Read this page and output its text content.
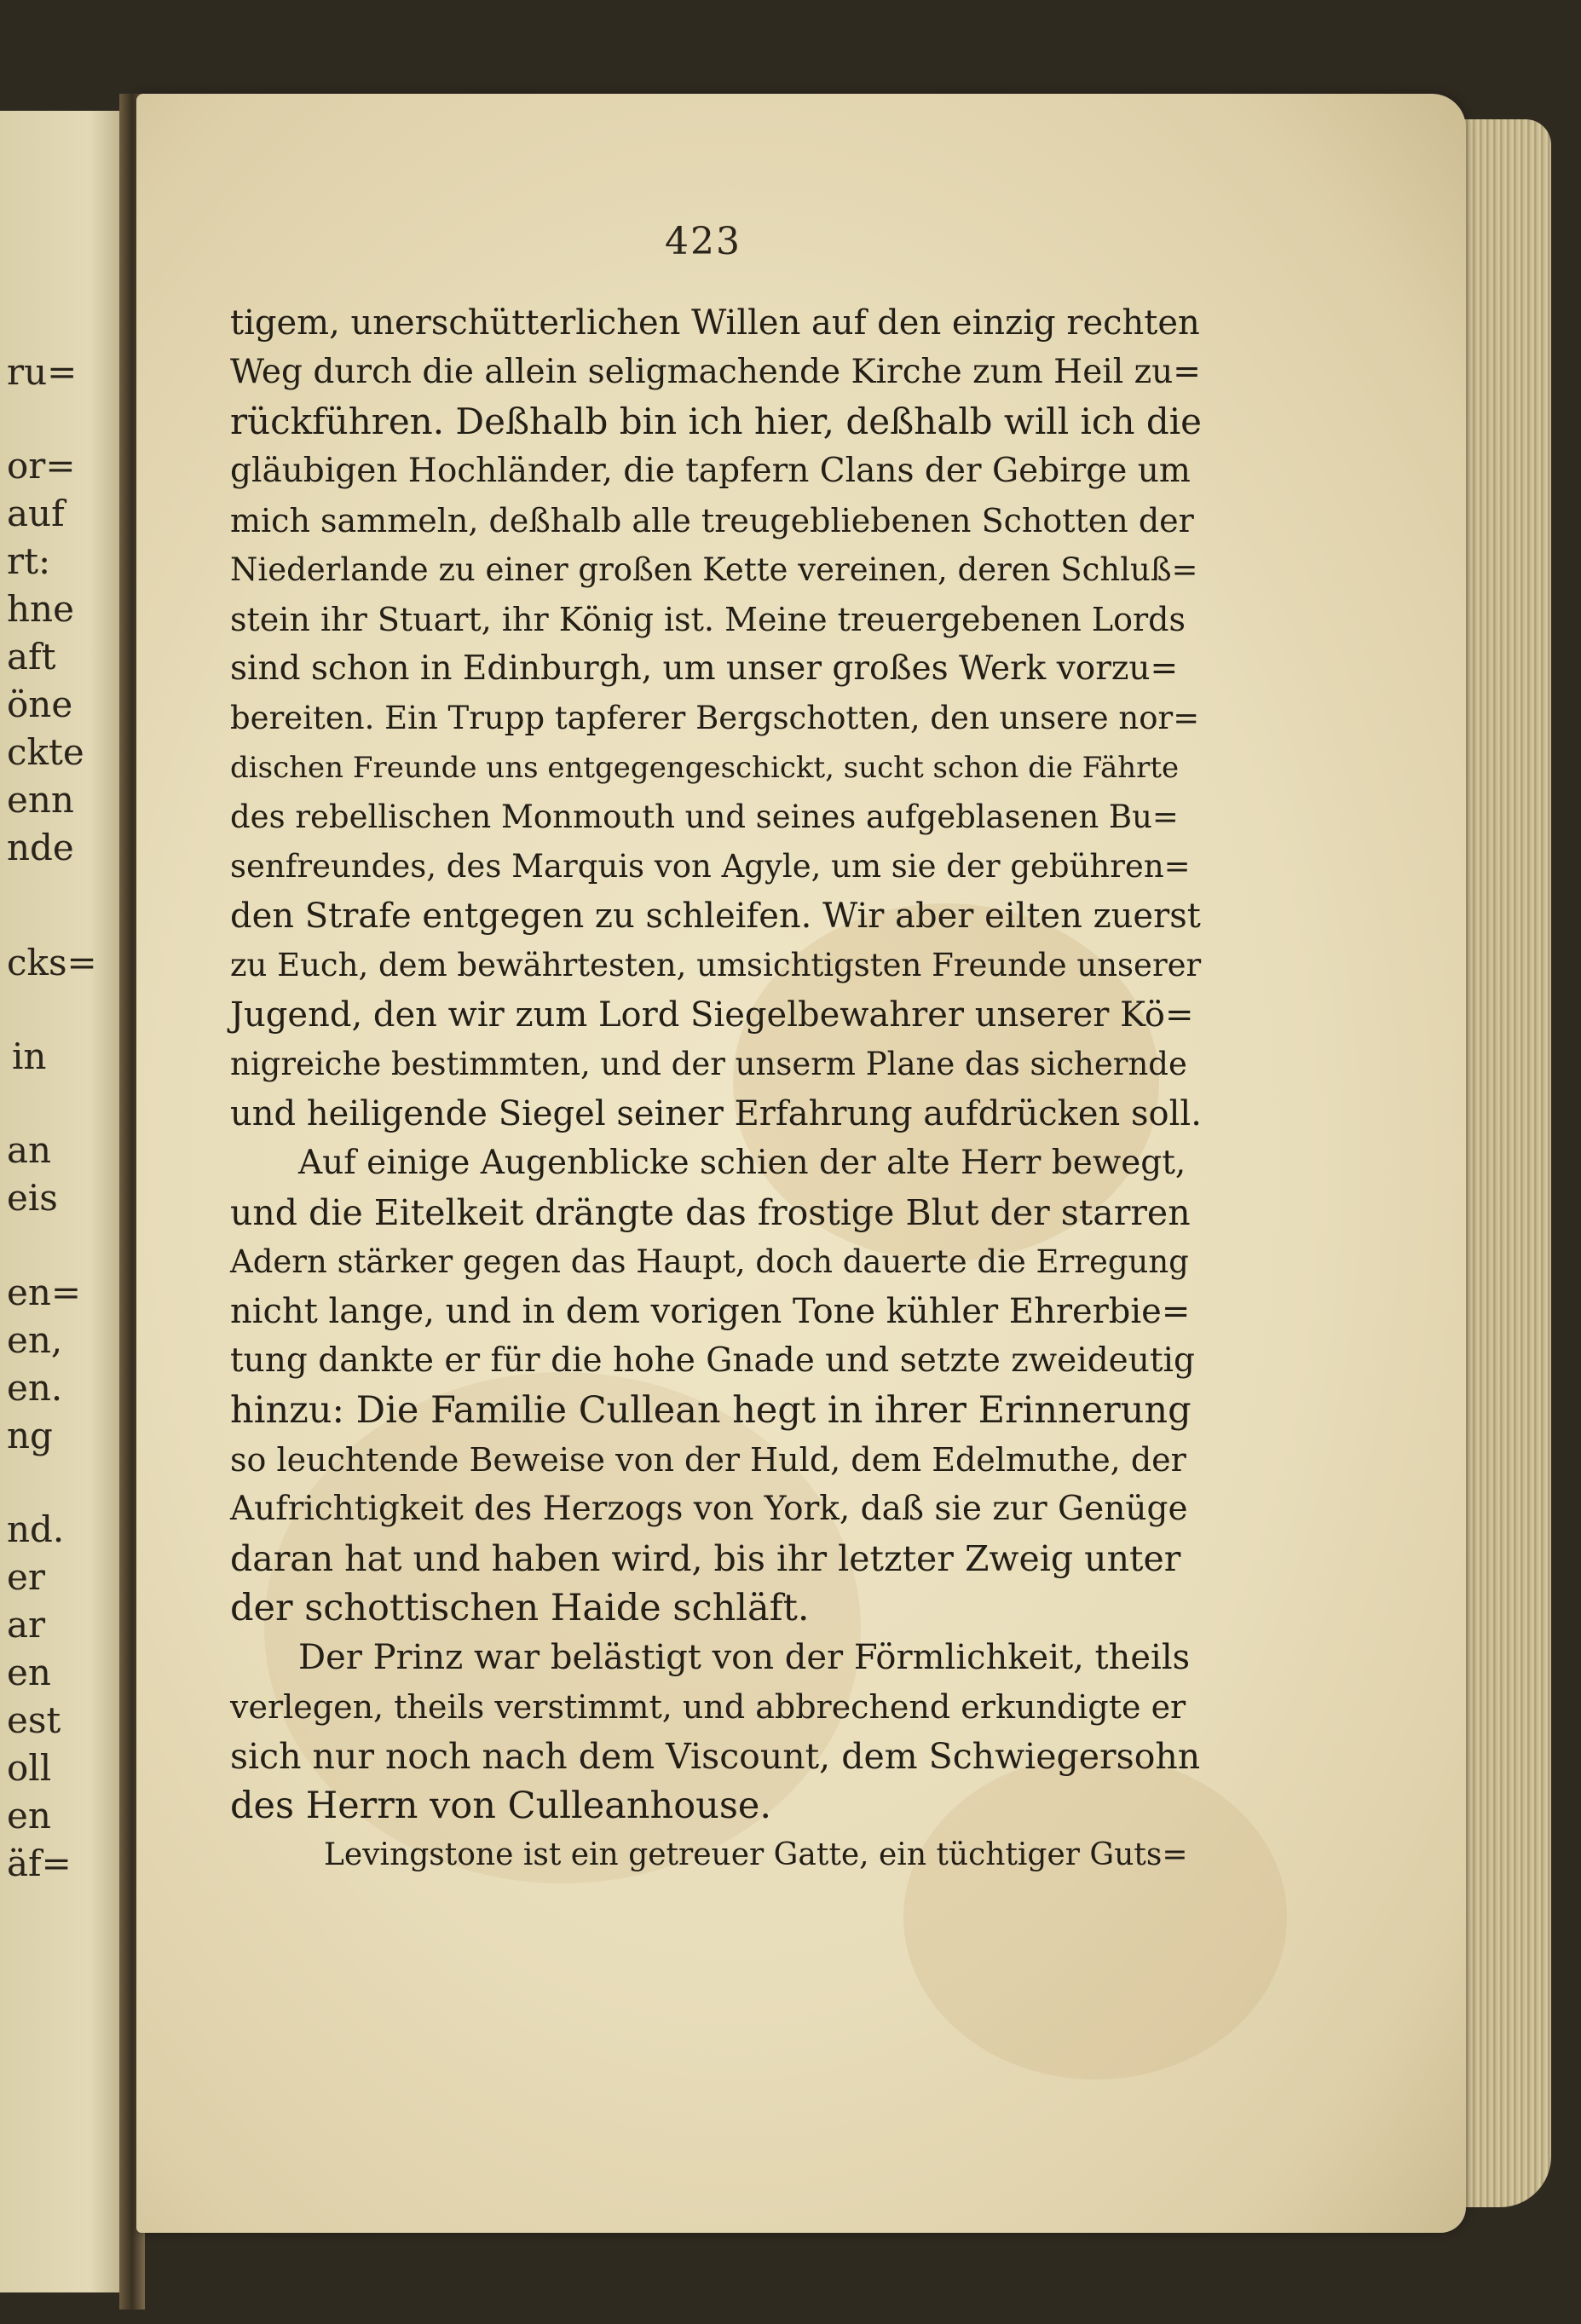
ru=
or=
auf
rt:
hne
aft
öne
ckte
enn
nde
cks=
in
an
eis
en=
en,
en.
ng
nd.
er
ar
en
est
oll
en
äf=
423
tigem, unerschütterlichen Willen auf den einzig rechten
Weg durch die allein seligmachende Kirche zum Heil zu=
rückführen. Deßhalb bin ich hier, deßhalb will ich die
gläubigen Hochländer, die tapfern Clans der Gebirge um
mich sammeln, deßhalb alle treugebliebenen Schotten der
Niederlande zu einer großen Kette vereinen, deren Schluß=
stein ihr Stuart, ihr König ist. Meine treuergebenen Lords
sind schon in Edinburgh, um unser großes Werk vorzu=
bereiten. Ein Trupp tapferer Bergschotten, den unsere nor=
dischen Freunde uns entgegengeschickt, sucht schon die Fährte
des rebellischen Monmouth und seines aufgeblasenen Bu=
senfreundes, des Marquis von Agyle, um sie der gebühren=
den Strafe entgegen zu schleifen. Wir aber eilten zuerst
zu Euch, dem bewährtesten, umsichtigsten Freunde unserer
Jugend, den wir zum Lord Siegelbewahrer unserer Kö=
nigreiche bestimmten, und der unserm Plane das sichernde
und heiligende Siegel seiner Erfahrung aufdrücken soll.
Auf einige Augenblicke schien der alte Herr bewegt,
und die Eitelkeit drängte das frostige Blut der starren
Adern stärker gegen das Haupt, doch dauerte die Erregung
nicht lange, und in dem vorigen Tone kühler Ehrerbie=
tung dankte er für die hohe Gnade und setzte zweideutig
hinzu: Die Familie Cullean hegt in ihrer Erinnerung
so leuchtende Beweise von der Huld, dem Edelmuthe, der
Aufrichtigkeit des Herzogs von York, daß sie zur Genüge
daran hat und haben wird, bis ihr letzter Zweig unter
der schottischen Haide schläft.
Der Prinz war belästigt von der Förmlichkeit, theils
verlegen, theils verstimmt, und abbrechend erkundigte er
sich nur noch nach dem Viscount, dem Schwiegersohn
des Herrn von Culleanhouse.
Levingstone ist ein getreuer Gatte, ein tüchtiger Guts=
